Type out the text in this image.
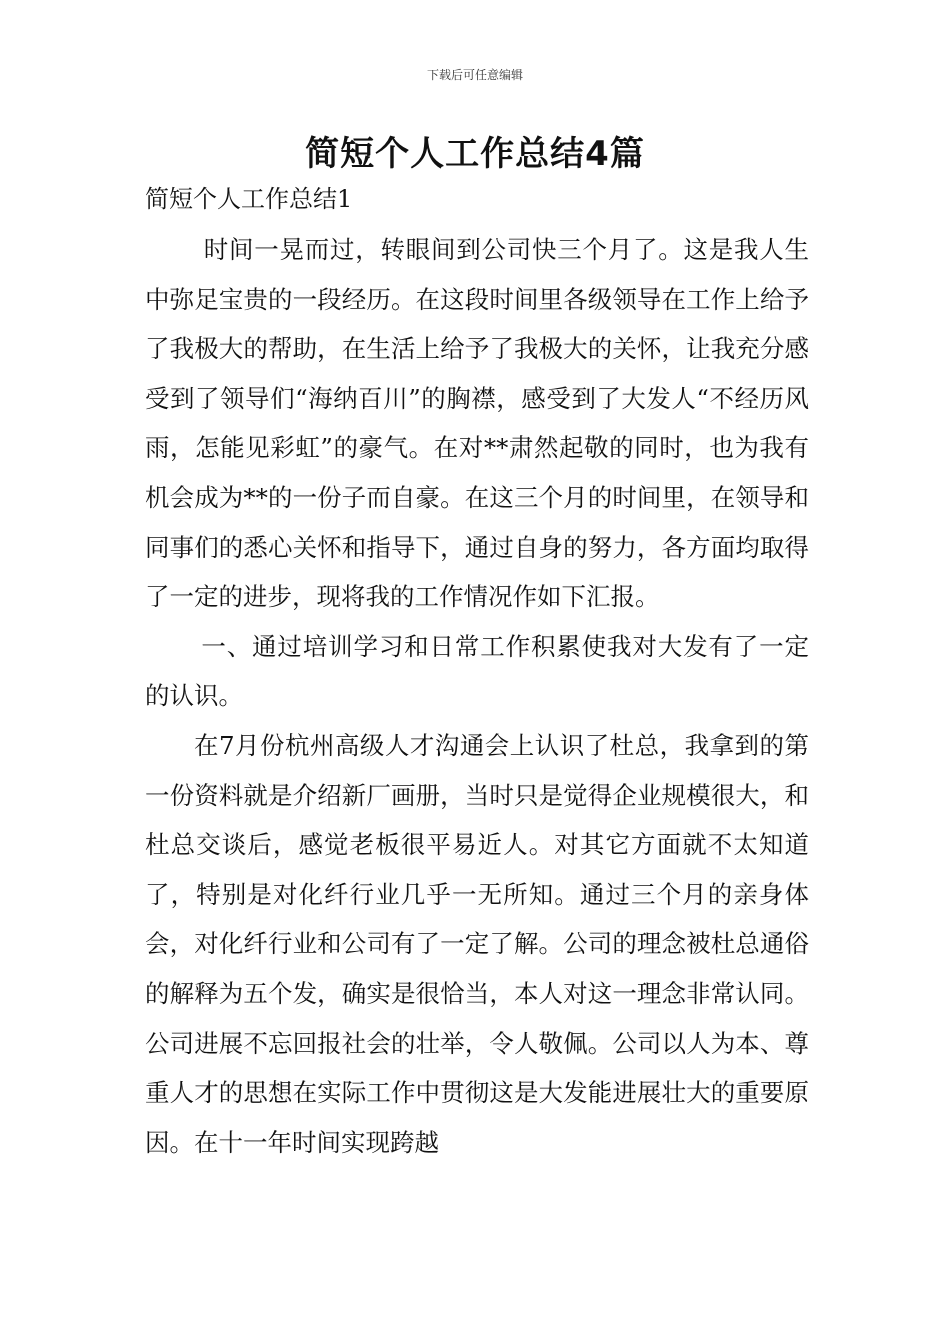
下载后可任意编辑
简短个人工作总结4篇
简短个人工作总结1

时间一晃而过，转眼间到公司快三个月了。这是我人生中弥足宝贵的一段经历。在这段时间里各级领导在工作上给予了我极大的帮助，在生活上给予了我极大的关怀，让我充分感受到了领导们“海纳百川”的胸襟，感受到了大发人“不经历风雨，怎能见彩虹”的豪气。在对**肃然起敬的同时，也为我有机会成为**的一份子而自豪。在这三个月的时间里，在领导和同事们的悉心关怀和指导下，通过自身的努力，各方面均取得了一定的进步，现将我的工作情况作如下汇报。

一、通过培训学习和日常工作积累使我对大发有了一定的认识。

在7月份杭州高级人才沟通会上认识了杜总，我拿到的第一份资料就是介绍新厂画册，当时只是觉得企业规模很大，和杜总交谈后，感觉老板很平易近人。对其它方面就不太知道了，特别是对化纤行业几乎一无所知。通过三个月的亲身体会，对化纤行业和公司有了一定了解。公司的理念被杜总通俗的解释为五个发，确实是很恰当，本人对这一理念非常认同。公司进展不忘回报社会的壮举，令人敬佩。公司以人为本、尊重人才的思想在实际工作中贯彻这是大发能进展壮大的重要原因。在十一年时间实现跨越
